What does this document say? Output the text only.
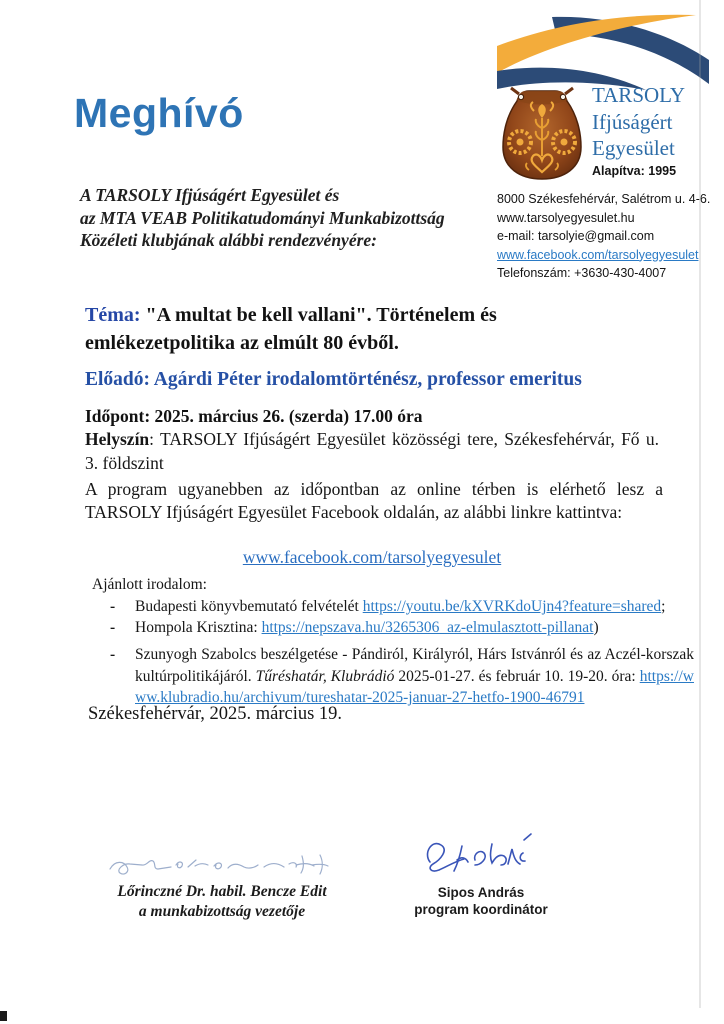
Meghívó
A TARSOLY Ifjúságért Egyesület és
az MTA VEAB Politikatudományi Munkabizottság
Közéleti klubjának alábbi rendezvényére:
TARSOLY
Ifjúságért
Egyesület
Alapítva: 1995
8000 Székesfehérvár, Salétrom u. 4-6.
www.tarsolyegyesulet.hu
e-mail: tarsolyie@gmail.com
www.facebook.com/tarsolyegyesulet
Telefonszám: +3630-430-4007
Téma: "A multat be kell vallani". Történelem és emlékezetpolitika az elmúlt 80 évből.
Előadó: Agárdi Péter irodalomtörténész, professor emeritus
Időpont: 2025. március 26. (szerda) 17.00 óra
Helyszín: TARSOLY Ifjúságért Egyesület közösségi tere, Székesfehérvár, Fő u. 3. földszint
A program ugyanebben az időpontban az online térben is elérhető lesz a TARSOLY Ifjúságért Egyesület Facebook oldalán, az alábbi linkre kattintva:
www.facebook.com/tarsolyegyesulet
Ajánlott irodalom:
- Budapesti könyvbemutató felvételét https://youtu.be/kXVRKdoUjn4?feature=shared;
- Hompola Krisztina: https://nepszava.hu/3265306_az-elmulasztott-pillanat)
- Szunyogh Szabolcs beszélgetése - Pándiról, Királyról, Hárs Istvánról és az Aczél-korszak kultúrpolitikájáról. Tűréshatár, Klubrádió 2025-01-27. és február 10. 19-20. óra: https://www.klubradio.hu/archivum/tureshatar-2025-januar-27-hetfo-1900-46791
Székesfehérvár, 2025. március 19.
Lőrinczné Dr. habil. Bencze Edit
a munkabizottság vezetője
Sipos András
program koordinátor
